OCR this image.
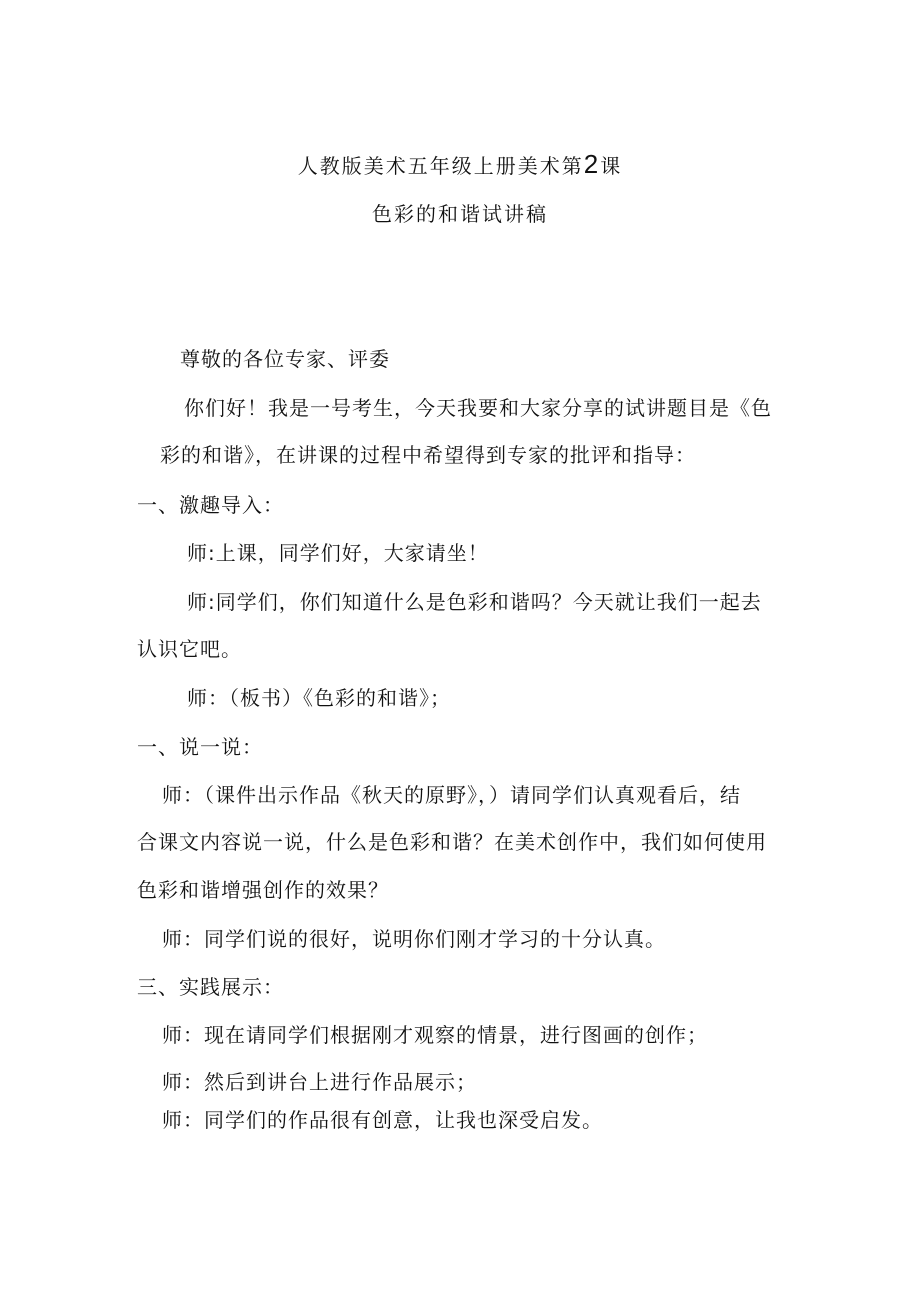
人教版美术五年级上册美术第2课
色彩的和谐试讲稿
尊敬的各位专家、评委
你们好！我是一号考生，今天我要和大家分享的试讲题目是《色
彩的和谐》，在讲课的过程中希望得到专家的批评和指导：
一、激趣导入：
师:上课，同学们好，大家请坐！
师:同学们，你们知道什么是色彩和谐吗？今天就让我们一起去
认识它吧。
师：（板书）《色彩的和谐》；
一、说一说：
师：（课件出示作品《秋天的原野》，）请同学们认真观看后，结
合课文内容说一说，什么是色彩和谐？在美术创作中，我们如何使用
色彩和谐增强创作的效果？
师：同学们说的很好，说明你们刚才学习的十分认真。
三、实践展示：
师：现在请同学们根据刚才观察的情景，进行图画的创作；
师：然后到讲台上进行作品展示；
师：同学们的作品很有创意，让我也深受启发。
